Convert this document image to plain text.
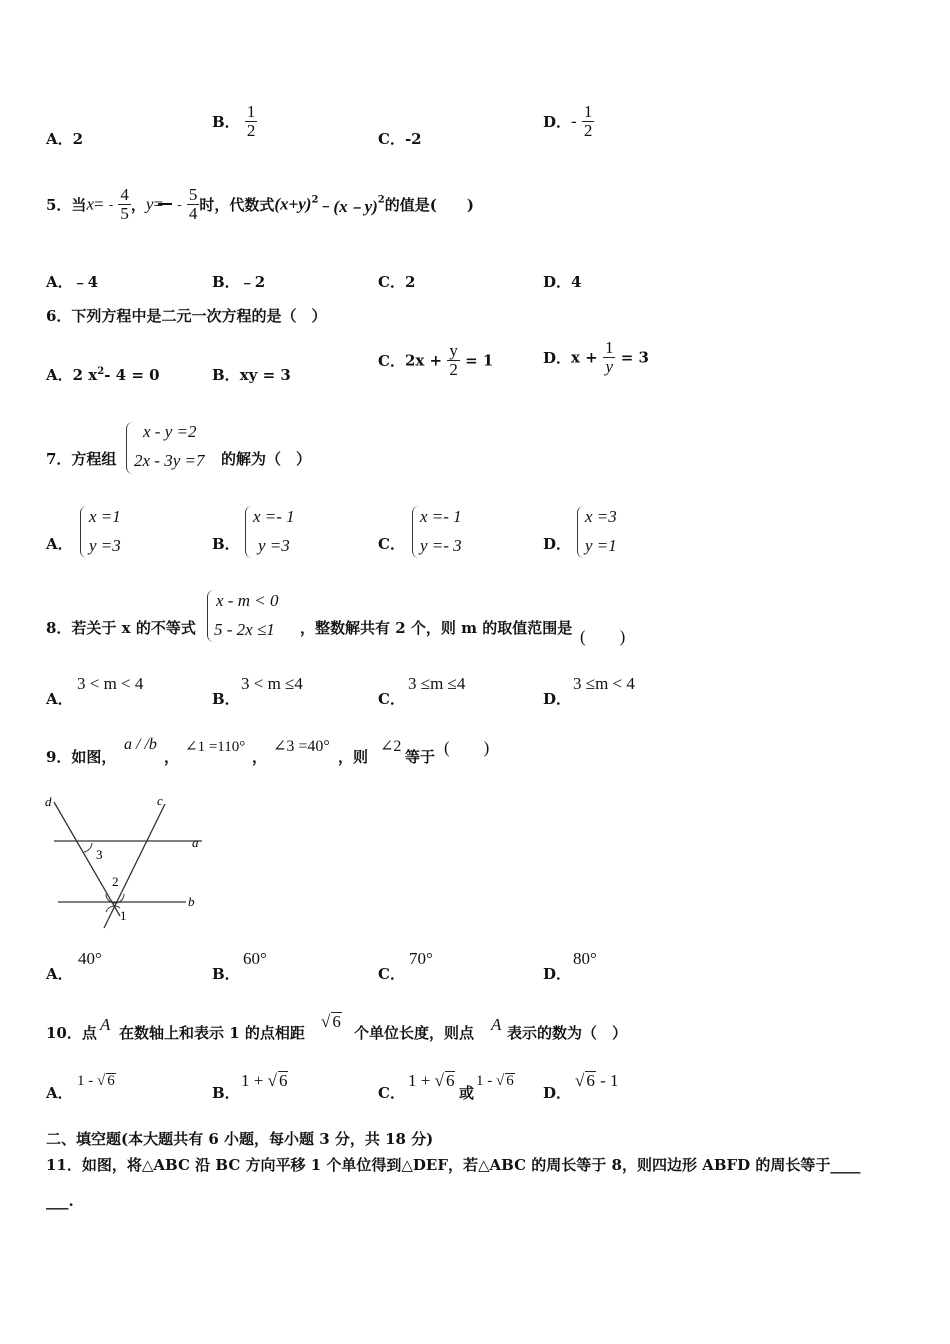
A．2
B． $\frac{1}{2}$	C．-2
D．- $\frac{1}{2}$
5．当$x= - \frac{4}{5}$ ，$y= - \frac{5}{4}$ 时，代数式$(x+y)^2﹣(x﹣y)^2$的值是(　　)
A．﹣4	B．﹣2	C．2	D．4
6．下列方程中是二元一次方程的是（　）
A．2 $x^2-$ 4 = 0	B．xy = 3
C．$2x + \frac{y}{2} = 1$	D．$x + \frac{1}{y} = 3$
7．方程组
x - y =2
2x - 3y =7 的解为（　）
A．
x =1
y =3	B．
x =- 1
y =3	C．
x =- 1
y =- 3	D．
x =3
y =1
8．若关于 x 的不等式
x - m < 0
5 - 2x ≤1 ，整数解共有 2 个，则 m 的取值范围是 (　　)
A．
3 < m < 4
B．
3 < m ≤4
C．
3 ≤m ≤4
D．
3 ≤m < 4
9．如图，
a / /b
，
∠1 =110°
，
∠3 =40°
，则
∠2
等于 (　　)
d	c
a
b
3
2
1
A．
40°
B．
60°
C．
70°
D．
80°
10．点 A 在数轴上和表示 1 的点相距
√ 6
个单位长度，则点 A 表示的数为（　）
A．
1 - √ 6
B．
1 + √ 6
C．
1 + √ 6
或
1 - √ 6
D．
√ 6 - 1
二、填空题(本大题共有 6 小题，每小题 3 分，共 18 分)
11．如图，将△ABC 沿 BC 方向平移 1 个单位得到△DEF，若△ABC 的周长等于 8，则四边形 ABFD 的周长等于____
___.
